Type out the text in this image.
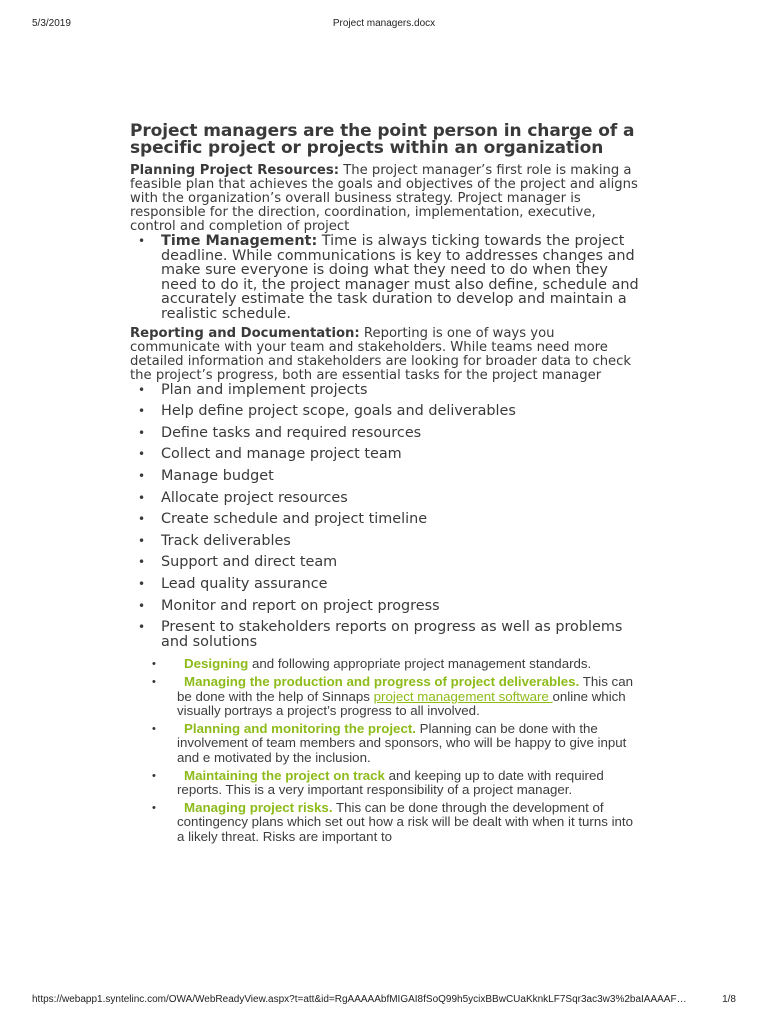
5/3/2019	Project managers.docx
Project managers are the point person in charge of a specific project or projects within an organization

Planning Project Resources: The project manager’s first role is making a feasible plan that achieves the goals and objectives of the project and aligns with the organization’s overall business strategy. Project manager is responsible for the direction, coordination, implementation, executive, control and completion of project

• Time Management: Time is always ticking towards the project deadline. While communications is key to addresses changes and make sure everyone is doing what they need to do when they need to do it, the project manager must also define, schedule and accurately estimate the task duration to develop and maintain a realistic schedule.

Reporting and Documentation: Reporting is one of ways you communicate with your team and stakeholders. While teams need more detailed information and stakeholders are looking for broader data to check the project’s progress, both are essential tasks for the project manager

• Plan and implement projects
• Help define project scope, goals and deliverables
• Define tasks and required resources
• Collect and manage project team
• Manage budget
• Allocate project resources
• Create schedule and project timeline
• Track deliverables
• Support and direct team
• Lead quality assurance
• Monitor and report on project progress
• Present to stakeholders reports on progress as well as problems and solutions
• Designing and following appropriate project management standards.
• Managing the production and progress of project deliverables. This can be done with the help of Sinnaps project management software online which visually portrays a project’s progress to all involved.
• Planning and monitoring the project. Planning can be done with the involvement of team members and sponsors, who will be happy to give input and e motivated by the inclusion.
• Maintaining the project on track and keeping up to date with required reports. This is a very important responsibility of a project manager.
• Managing project risks. This can be done through the development of contingency plans which set out how a risk will be dealt with when it turns into a likely threat. Risks are important to
https://webapp1.syntelinc.com/OWA/WebReadyView.aspx?t=att&id=RgAAAAAbfMIGAI8fSoQ99h5ycixBBwCUaKknkLF7Sqr3ac3w3%2baIAAAAF…	1/8
